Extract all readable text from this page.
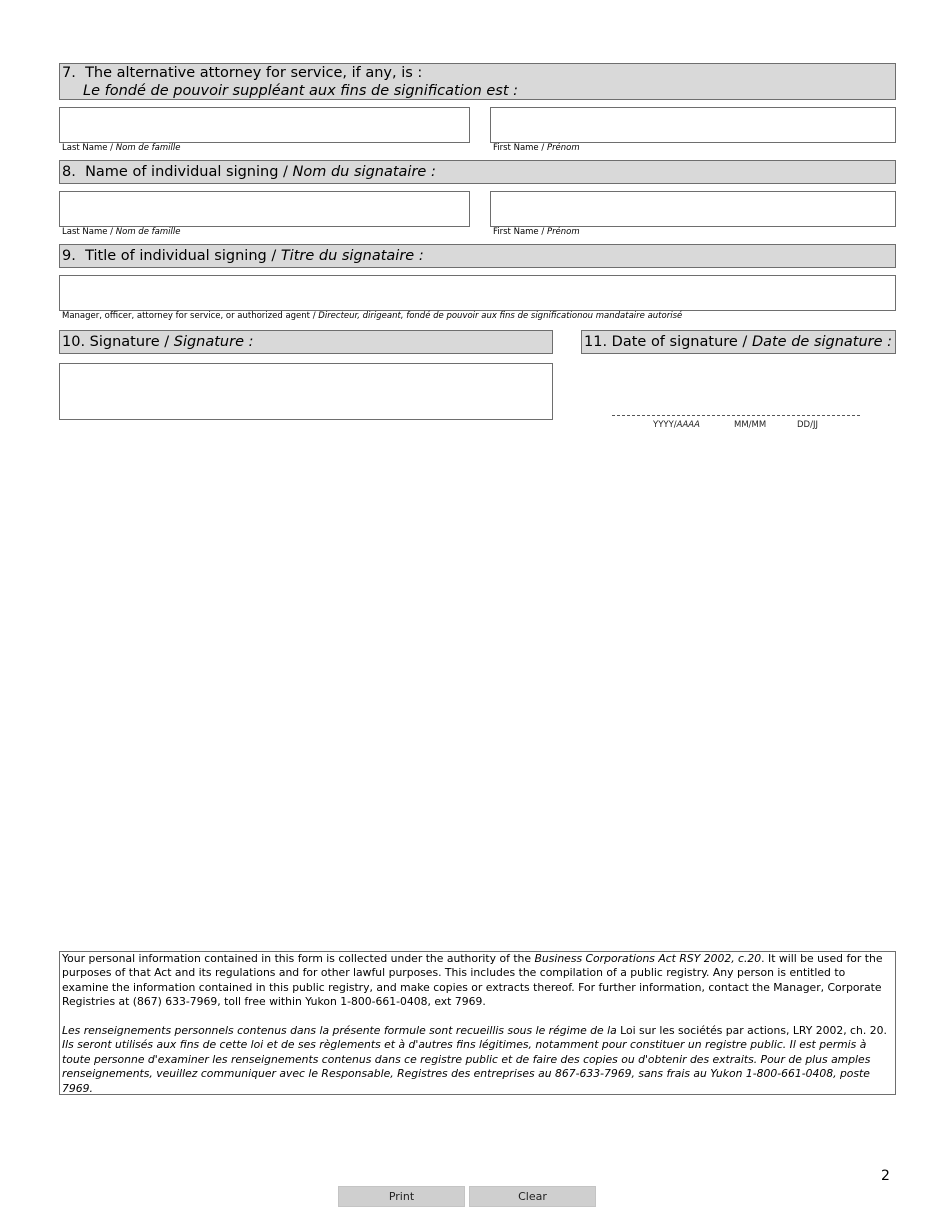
7. The alternative attorney for service, if any, is :
Le fondé de pouvoir suppléant aux fins de signification est :
Last Name / Nom de famille	First Name / Prénom
8. Name of individual signing / Nom du signataire :
Last Name / Nom de famille	First Name / Prénom
9. Title of individual signing / Titre du signataire :
Manager, officer, attorney for service, or authorized agent / Directeur, dirigeant, fondé de pouvoir aux fins de significationou mandataire autorisé
10. Signature / Signature :	11. Date of signature / Date de signature :
YYYY/AAAA	MM/MM	DD/JJ

Your personal information contained in this form is collected under the authority of the Business Corporations Act RSY 2002, c.20. It will be used for the purposes of that Act and its regulations and for other lawful purposes. This includes the compilation of a public registry. Any person is entitled to examine the information contained in this public registry, and make copies or extracts thereof. For further information, contact the Manager, Corporate Registries at (867) 633-7969, toll free within Yukon 1-800-661-0408, ext 7969.

Les renseignements personnels contenus dans la présente formule sont recueillis sous le régime de la Loi sur les sociétés par actions, LRY 2002, ch. 20. Ils seront utilisés aux fins de cette loi et de ses règlements et à d'autres fins légitimes, notamment pour constituer un registre public. Il est permis à toute personne d'examiner les renseignements contenus dans ce registre public et de faire des copies ou d'obtenir des extraits. Pour de plus amples renseignements, veuillez communiquer avec le Responsable, Registres des entreprises au 867-633-7969, sans frais au Yukon 1-800-661-0408, poste 7969.

2
Print	Clear
